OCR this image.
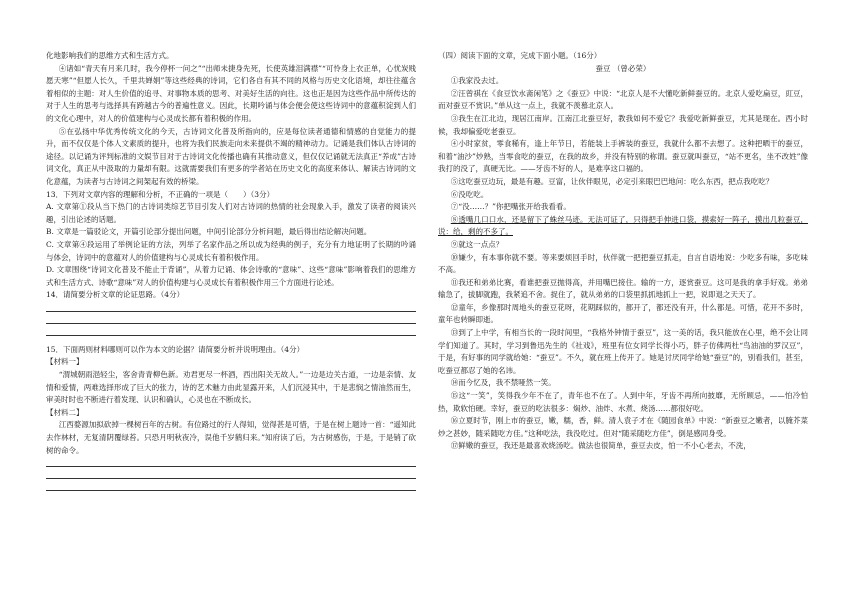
化地影响我们的思维方式和生活方式。

④诸如“青天有月来几时，我今停杯一问之”“出师未捷身先死，长使英雄泪满襟”“可怜身上衣正单，心忧炭贱愿天寒”“但愿人长久，千里共婵娟”等这些经典的诗词，它们各自有其不同的风格与历史文化语境，却往往蕴含着相似的主题：对人生价值的追寻、对事物本质的思考、对美好生活的向往。这也正是因为这些作品中所传达的对于人生的思考与选择具有跨越古今的普遍性意义。因此，长期吟诵与体会便会使这些诗词中的意蕴积淀到人们的文化心理中，对人的价值建构与心灵成长都有着积极的作用。

⑤在弘扬中华优秀传统文化的今天，古诗词文化普及所指向的，应是每位读者通德和情感的自觉能力的提升，而不仅仅是个体人文素质的提升，也将为我们民族走向未来提供不竭的精神动力。记诵是我们体认古诗词的途径。以记诵为评判标准的文娱节目对于古诗词文化传播也确有其推动意义，但仅仅记诵就无法真正“养成”古诗词文化，真正从中汲取的力量却有限。这就需要我们有更多的学者站在历史文化的高度来体认、解读古诗词的文化意蕴，为读者与古诗词之间架起有效的桥梁。

13．下列对文章内容的理解和分析，不正确的一项是（　　）（3分）

A. 文章第①段从当下热门的古诗词类综艺节目引发人们对古诗词的热情的社会现象入手，激发了读者的阅读兴趣，引出论述的话题。

B. 文章是一篇驳论文，开篇引论部分提出问题，中间引论部分分析问题，最后得出结论解决问题。

C. 文章第④段运用了举例论证的方法，列举了名家作品之所以成为经典的例子，充分有力地证明了长期的吟诵与体会，诗词中的意蕴对人的价值建构与心灵成长有着积极作用。

D. 文章围绕“诗词文化普及不能止于背诵”，从着力记诵、体会诗歌的“意味”、这些“意味”影响着我们的思维方式和生活方式、诗歌“意味”对人的价值构建与心灵成长有着积极作用三个方面进行论述。

14．请简要分析文章的论证思路。（4分）

15．下面两则材料哪则可以作为本文的论据？请简要分析并说明理由。（4分）

【材料一】

“渭城朝雨浥轻尘，客舍青青柳色新。劝君更尽一杯酒，西出阳关无故人。”一边是边关古道，一边是亲情、友情和爱情，两难选择形成了巨大的张力，诗的艺术魅力由此显露开来，人们沉浸其中，于是悲悯之情油然而生，审美时时也不断进行着发现、认识和确认，心灵也在不断成长。

【材料二】

江西婺源加拟砍掉一棵树百年的古树。有位路过的行人得知，觉得甚是可惜，于是在树上题诗一首：“遥知此去作林材，无复清阴覆绿苔。只恐月明秋夜冷，误他千岁鹤归来。”知府读了后，为古树感伤，于是，于是销了砍树的命令。

（四）阅读下面的文章，完成下面小题。（16分）

蚕豆 （曾必荣）

①我家没去过。

②汪曾祺在《食豆饮水斋闲笔》之《蚕豆》中说：“北京人是不大懂吃新鲜蚕豆的。北京人爱吃扁豆，豇豆，而对蚕豆不赏识。”单从这一点上，我就不羡慕北京人。

③我生在江北边，现居江南岸。江南江北蚕豆好，教我如何不爱它？我爱吃新鲜蚕豆，尤其是现在。西小时候，我却偏爱吃老蚕豆。

④小时家贫，零食稀有，逢上年节日，若能装上手裤装的蚕豆，我就什么都不去想了。这种把晒干的蚕豆，和着“油沙”炒熟，当零食吃的蚕豆，在我的故乡，并没有特别的称谓。蚕豆就叫蚕豆，“站不更名，坐不改姓”像我打的没了，真硬无比。——牙齿不好的人，是难享这口福的。

⑤这吃蚕豆边玩，最是有趣。豆富，让伙伴眼见，必定引来眼巴巴地问：吃么东西，把点我吃吃？

⑥没吃吃。

⑦“没……？”你把嘴张开给我看看。

⑧透嘴几口口水，还是留下了蛛丝马迹。无法可证了，只得把手伸进口袋，摸索好一阵子，摸出几粒蚕豆，说：给，剩的不多了。

⑨就这一点点？

⑩嫌少，有本事你就不要。等来要烦回手时，伙伴就一把把蚕豆抓走，自言自语地说：少吃多有味，多吃味不高。

⑪我还和弟弟比赛，看谁把蚕豆抛得高，并用嘴巴接住。输的一方，逐赏蚕豆。这可是我的拿手好戏。弟弟输急了，拔脚就跑，我紧追不舍。捉住了，就从弟弟的口袋里抓抓地抓上一把，说即退之天天了。

⑫童年，乡像那时周地头的蚕豆花呀，花期踩似的，都开了，都还没有开，什么都是。可惜，花开不多时，童年也转瞬即逝。

⑬到了上中学，有相当长的一段时间里，“我格外钟情于蚕豆”，这一美的话，我只能放在心里，绝不会让同学们知道了。其时，学习到鲁迅先生的《社戏》，班里有位女同学长得小巧，胖子仿佛两杜“鸟油油的罗汉豆”，于是，有好事的同学就给她：“蚕豆”。不久，就在班上传开了。她是讨厌同学给她“蚕豆”的，别看我们，甚至，吃蚕豆都忍了她的名讳。

⑭而今忆及，我不禁哑然一笑。

⑮这“一笑”，笑得我少年不在了，青年也不在了。人到中年，牙齿不再所向披靡，无所顾忌，——怕冷怕热，欺软怕硬。幸好，蚕豆的吃法很多：焖炒、油炸、水煮、烧汤……都很好吃。

⑯立夏时节，刚上市的蚕豆，嫩，糯，香，鲜。清人袁子才在《随园食单》中说：“新蚕豆之嫩者，以腌芥菜炒之甚妙，随采随吃方佳。”这种吃法，我没吃过。但对“随采随吃方佳”，倒是感同身受。

⑰鲜嫩的蚕豆，我还是最喜欢烧汤吃。做法也很简单，蚕豆去皮，怕一不小心老去，不洗，
